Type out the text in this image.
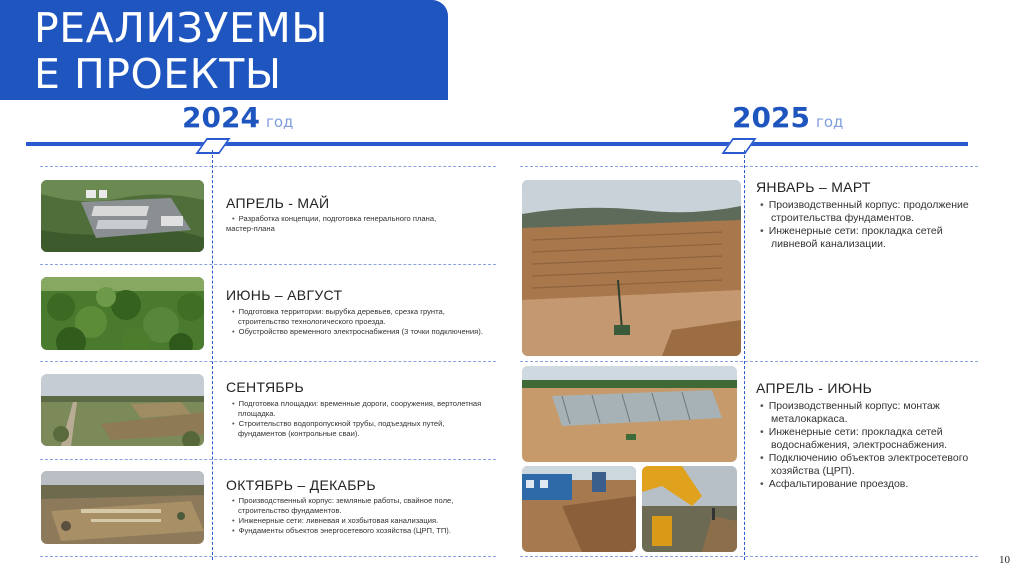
РЕАЛИЗУЕМЫ
Е ПРОЕКТЫ
2024 год	2025 год
АПРЕЛЬ - МАЙ
• Разработка концепции, подготовка генерального плана,
мастер-плана
ИЮНЬ – АВГУСТ
• Подготовка территории: вырубка деревьев, срезка грунта,
строительство технологического проезда.
• Обустройство временного электроснабжения (3 точки подключения).
СЕНТЯБРЬ
• Подготовка площадки: временные дороги, сооружения, вертолетная
площадка.
• Строительство водопропускной трубы, подъездных путей,
фундаментов (контрольные сваи).
ОКТЯБРЬ – ДЕКАБРЬ
• Производственный корпус: земляные работы, свайное поле,
строительство фундаментов.
• Инженерные сети: ливневая и хозбытовая канализация.
• Фундаменты объектов энергосетевого хозяйства (ЦРП, ТП).
ЯНВАРЬ – МАРТ
• Производственный корпус: продолжение строительства фундаментов.
• Инженерные сети: прокладка сетей ливневой канализации.
АПРЕЛЬ - ИЮНЬ
• Производственный корпус: монтаж металокаркаса.
• Инженерные сети: прокладка сетей водоснабжения, электроснабжения.
• Подключению объектов электросетевого хозяйства (ЦРП).
• Асфальтирование проездов.
10
